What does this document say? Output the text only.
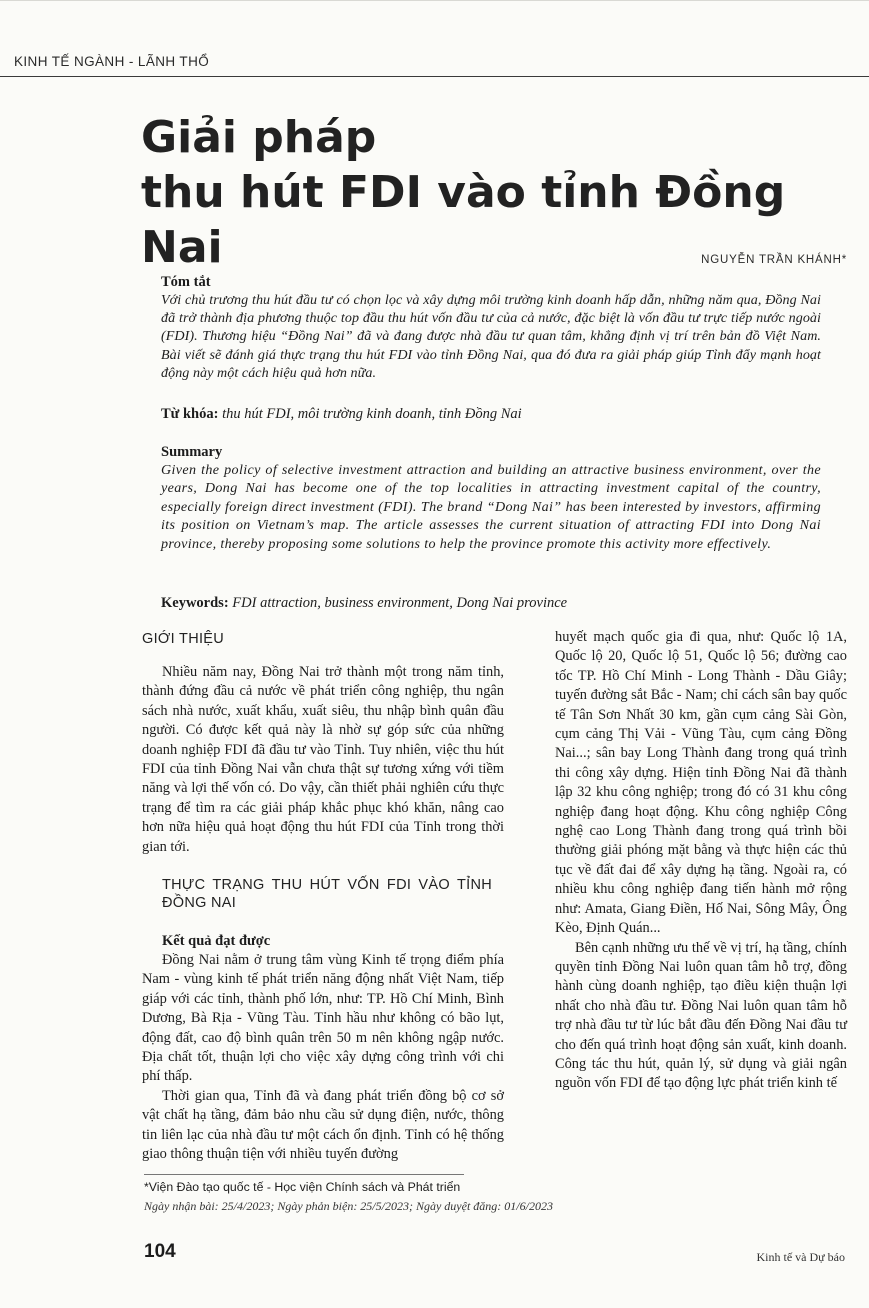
KINH TẾ NGÀNH - LÃNH THỔ
Giải pháp
thu hút FDI vào tỉnh Đồng Nai	NGUYỄN TRẦN KHÁNH*
Tóm tắt
Với chủ trương thu hút đầu tư có chọn lọc và xây dựng môi trường kinh doanh hấp dẫn, những năm qua, Đồng Nai đã trở thành địa phương thuộc top đầu thu hút vốn đầu tư của cả nước, đặc biệt là vốn đầu tư trực tiếp nước ngoài (FDI). Thương hiệu “Đồng Nai” đã và đang được nhà đầu tư quan tâm, khẳng định vị trí trên bản đồ Việt Nam. Bài viết sẽ đánh giá thực trạng thu hút FDI vào tỉnh Đồng Nai, qua đó đưa ra giải pháp giúp Tỉnh đẩy mạnh hoạt động này một cách hiệu quả hơn nữa.
Từ khóa: thu hút FDI, môi trường kinh doanh, tỉnh Đồng Nai
Summary
Given the policy of selective investment attraction and building an attractive business environment, over the years, Dong Nai has become one of the top localities in attracting investment capital of the country, especially foreign direct investment (FDI). The brand “Dong Nai” has been interested by investors, affirming its position on Vietnam’s map. The article assesses the current situation of attracting FDI into Dong Nai province, thereby proposing some solutions to help the province promote this activity more effectively.
Keywords: FDI attraction, business environment, Dong Nai province
GIỚI THIỆU

Nhiều năm nay, Đồng Nai trở thành một trong năm tỉnh, thành đứng đầu cả nước về phát triển công nghiệp, thu ngân sách nhà nước, xuất khẩu, xuất siêu, thu nhập bình quân đầu người. Có được kết quả này là nhờ sự góp sức của những doanh nghiệp FDI đã đầu tư vào Tỉnh. Tuy nhiên, việc thu hút FDI của tỉnh Đồng Nai vẫn chưa thật sự tương xứng với tiềm năng và lợi thế vốn có. Do vậy, cần thiết phải nghiên cứu thực trạng để tìm ra các giải pháp khắc phục khó khăn, nâng cao hơn nữa hiệu quả hoạt động thu hút FDI của Tỉnh trong thời gian tới.

THỰC TRẠNG THU HÚT VỐN FDI VÀO TỈNH ĐỒNG NAI
Kết quả đạt được

Đồng Nai nằm ở trung tâm vùng Kinh tế trọng điểm phía Nam - vùng kinh tế phát triển năng động nhất Việt Nam, tiếp giáp với các tỉnh, thành phố lớn, như: TP. Hồ Chí Minh, Bình Dương, Bà Rịa - Vũng Tàu. Tỉnh hầu như không có bão lụt, động đất, cao độ bình quân trên 50 m nên không ngập nước. Địa chất tốt, thuận lợi cho việc xây dựng công trình với chi phí thấp.

Thời gian qua, Tỉnh đã và đang phát triển đồng bộ cơ sở vật chất hạ tầng, đảm bảo nhu cầu sử dụng điện, nước, thông tin liên lạc của nhà đầu tư một cách ổn định. Tỉnh có hệ thống giao thông thuận tiện với nhiều tuyến đường

huyết mạch quốc gia đi qua, như: Quốc lộ 1A, Quốc lộ 20, Quốc lộ 51, Quốc lộ 56; đường cao tốc TP. Hồ Chí Minh - Long Thành - Dầu Giây; tuyến đường sắt Bắc - Nam; chỉ cách sân bay quốc tế Tân Sơn Nhất 30 km, gần cụm cảng Sài Gòn, cụm cảng Thị Vải - Vũng Tàu, cụm cảng Đồng Nai...; sân bay Long Thành đang trong quá trình thi công xây dựng. Hiện tỉnh Đồng Nai đã thành lập 32 khu công nghiệp; trong đó có 31 khu công nghiệp đang hoạt động. Khu công nghiệp Công nghệ cao Long Thành đang trong quá trình bồi thường giải phóng mặt bằng và thực hiện các thủ tục về đất đai để xây dựng hạ tầng. Ngoài ra, có nhiều khu công nghiệp đang tiến hành mở rộng như: Amata, Giang Điền, Hố Nai, Sông Mây, Ông Kèo, Định Quán...

Bên cạnh những ưu thế về vị trí, hạ tầng, chính quyền tỉnh Đồng Nai luôn quan tâm hỗ trợ, đồng hành cùng doanh nghiệp, tạo điều kiện thuận lợi nhất cho nhà đầu tư. Đồng Nai luôn quan tâm hỗ trợ nhà đầu tư từ lúc bắt đầu đến Đồng Nai đầu tư cho đến quá trình hoạt động sản xuất, kinh doanh. Công tác thu hút, quản lý, sử dụng và giải ngân nguồn vốn FDI để tạo động lực phát triển kinh tế

*Viện Đào tạo quốc tế - Học viện Chính sách và Phát triển
Ngày nhận bài: 25/4/2023; Ngày phản biện: 25/5/2023; Ngày duyệt đăng: 01/6/2023
104	Kinh tế và Dự báo
